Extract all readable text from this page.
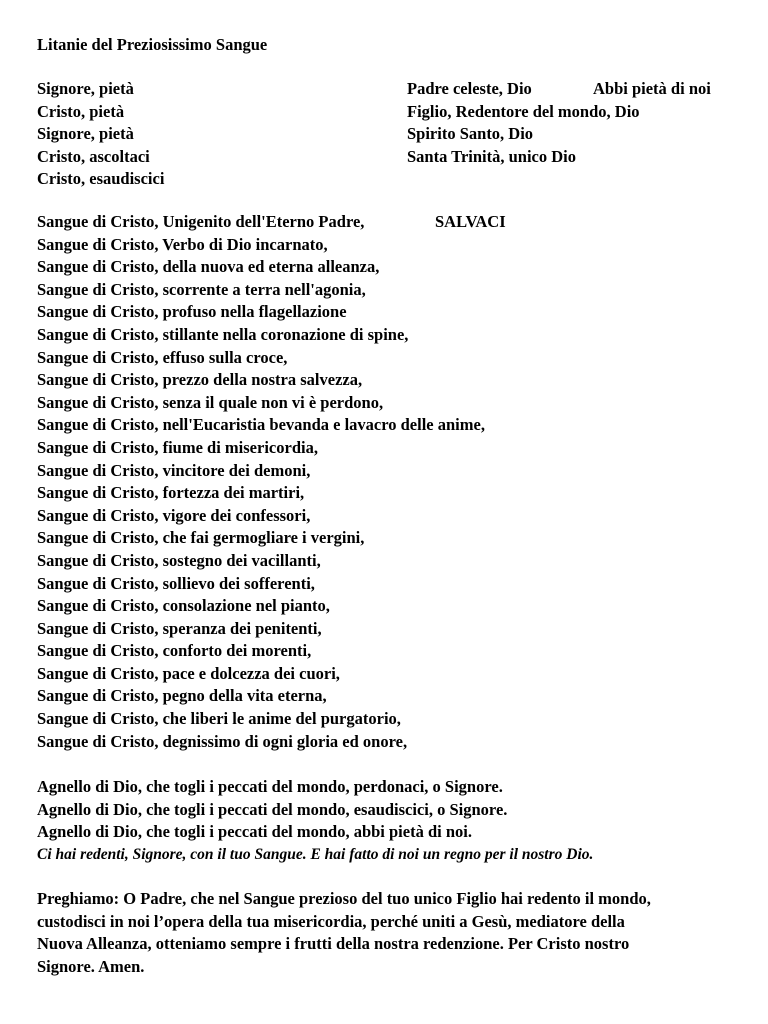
Litanie del Preziosissimo Sangue
Signore, pietà
Cristo, pietà
Signore, pietà
Cristo, ascoltaci
Cristo, esaudiscici
Padre celeste, Dio
Figlio, Redentore del mondo, Dio
Spirito Santo, Dio
Santa Trinità, unico Dio
Abbi pietà di noi
Sangue di Cristo, Unigenito dell'Eterno Padre,
Sangue di Cristo, Verbo di Dio incarnato,
Sangue di Cristo, della nuova ed eterna alleanza,
Sangue di Cristo, scorrente a terra nell'agonia,
Sangue di Cristo, profuso nella flagellazione
Sangue di Cristo, stillante nella coronazione di spine,
Sangue di Cristo, effuso sulla croce,
Sangue di Cristo, prezzo della nostra salvezza,
Sangue di Cristo, senza il quale non vi è perdono,
Sangue di Cristo, nell'Eucaristia bevanda e lavacro delle anime,
Sangue di Cristo, fiume di misericordia,
Sangue di Cristo, vincitore dei demoni,
Sangue di Cristo, fortezza dei martiri,
Sangue di Cristo, vigore dei confessori,
Sangue di Cristo, che fai germogliare i vergini,
Sangue di Cristo, sostegno dei vacillanti,
Sangue di Cristo, sollievo dei sofferenti,
Sangue di Cristo, consolazione nel pianto,
Sangue di Cristo, speranza dei penitenti,
Sangue di Cristo, conforto dei morenti,
Sangue di Cristo, pace e dolcezza dei cuori,
Sangue di Cristo, pegno della vita eterna,
Sangue di Cristo, che liberi le anime del purgatorio,
Sangue di Cristo, degnissimo di ogni gloria ed onore,
SALVACI
Agnello di Dio, che togli i peccati del mondo, perdonaci, o Signore.
Agnello di Dio, che togli i peccati del mondo, esaudiscici, o Signore.
Agnello di Dio, che togli i peccati del mondo, abbi pietà di noi.
Ci hai redenti, Signore, con il tuo Sangue. E hai fatto di noi un regno per il nostro Dio.
Preghiamo: O Padre, che nel Sangue prezioso del tuo unico Figlio hai redento il mondo,
custodisci in noi l’opera della tua misericordia, perché uniti a Gesù, mediatore della
Nuova Alleanza, otteniamo sempre i frutti della nostra redenzione. Per Cristo nostro
Signore. Amen.
